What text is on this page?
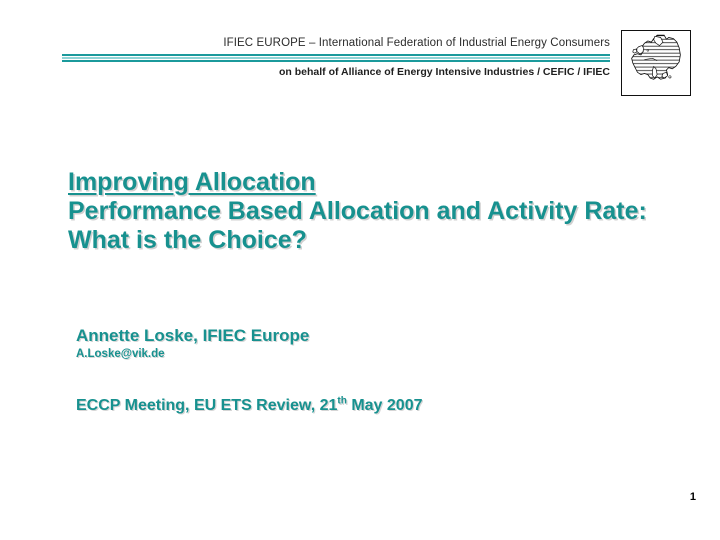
IFIEC EUROPE – International Federation of Industrial Energy Consumers
on behalf of Alliance of Energy Intensive Industries / CEFIC / IFIEC
Improving Allocation
Performance Based Allocation and Activity Rate:
What is the Choice?
Annette Loske, IFIEC Europe
A.Loske@vik.de
ECCP Meeting, EU ETS Review, 21th May 2007
1
